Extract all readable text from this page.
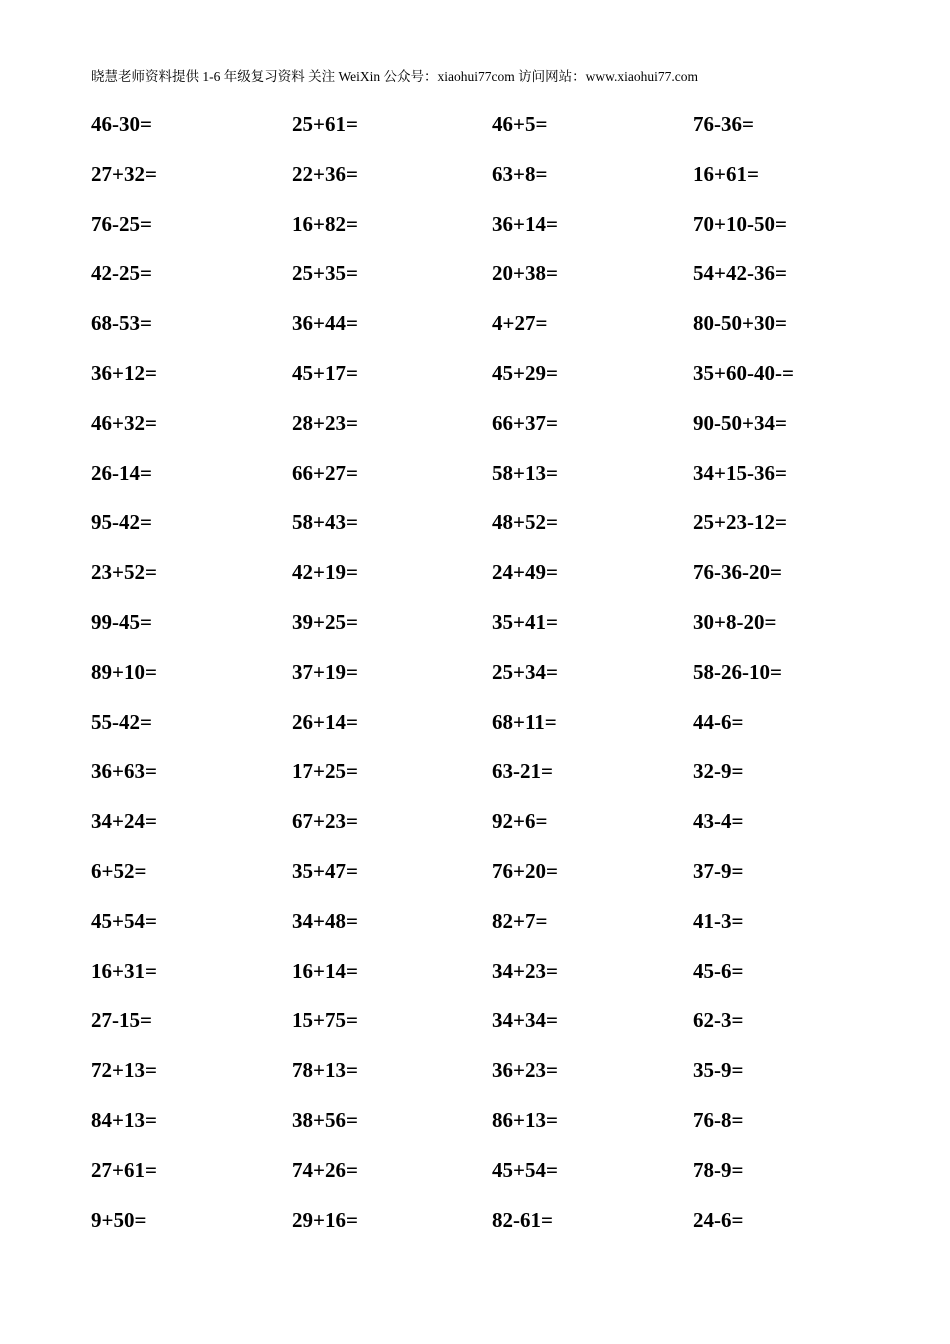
晓慧老师资料提供 1-6 年级复习资料 关注 WeiXin 公众号：xiaohui77com 访问网站：www.xiaohui77.com
46-30=	25+61=	46+5=	76-36=
27+32=	22+36=	63+8=	16+61=
76-25=	16+82=	36+14=	70+10-50=
42-25=	25+35=	20+38=	54+42-36=
68-53=	36+44=	4+27=	80-50+30=
36+12=	45+17=	45+29=	35+60-40-=
46+32=	28+23=	66+37=	90-50+34=
26-14=	66+27=	58+13=	34+15-36=
95-42=	58+43=	48+52=	25+23-12=
23+52=	42+19=	24+49=	76-36-20=
99-45=	39+25=	35+41=	30+8-20=
89+10=	37+19=	25+34=	58-26-10=
55-42=	26+14=	68+11=	44-6=
36+63=	17+25=	63-21=	32-9=
34+24=	67+23=	92+6=	43-4=
6+52=	35+47=	76+20=	37-9=
45+54=	34+48=	82+7=	41-3=
16+31=	16+14=	34+23=	45-6=
27-15=	15+75=	34+34=	62-3=
72+13=	78+13=	36+23=	35-9=
84+13=	38+56=	86+13=	76-8=
27+61=	74+26=	45+54=	78-9=
9+50=	29+16=	82-61=	24-6=
